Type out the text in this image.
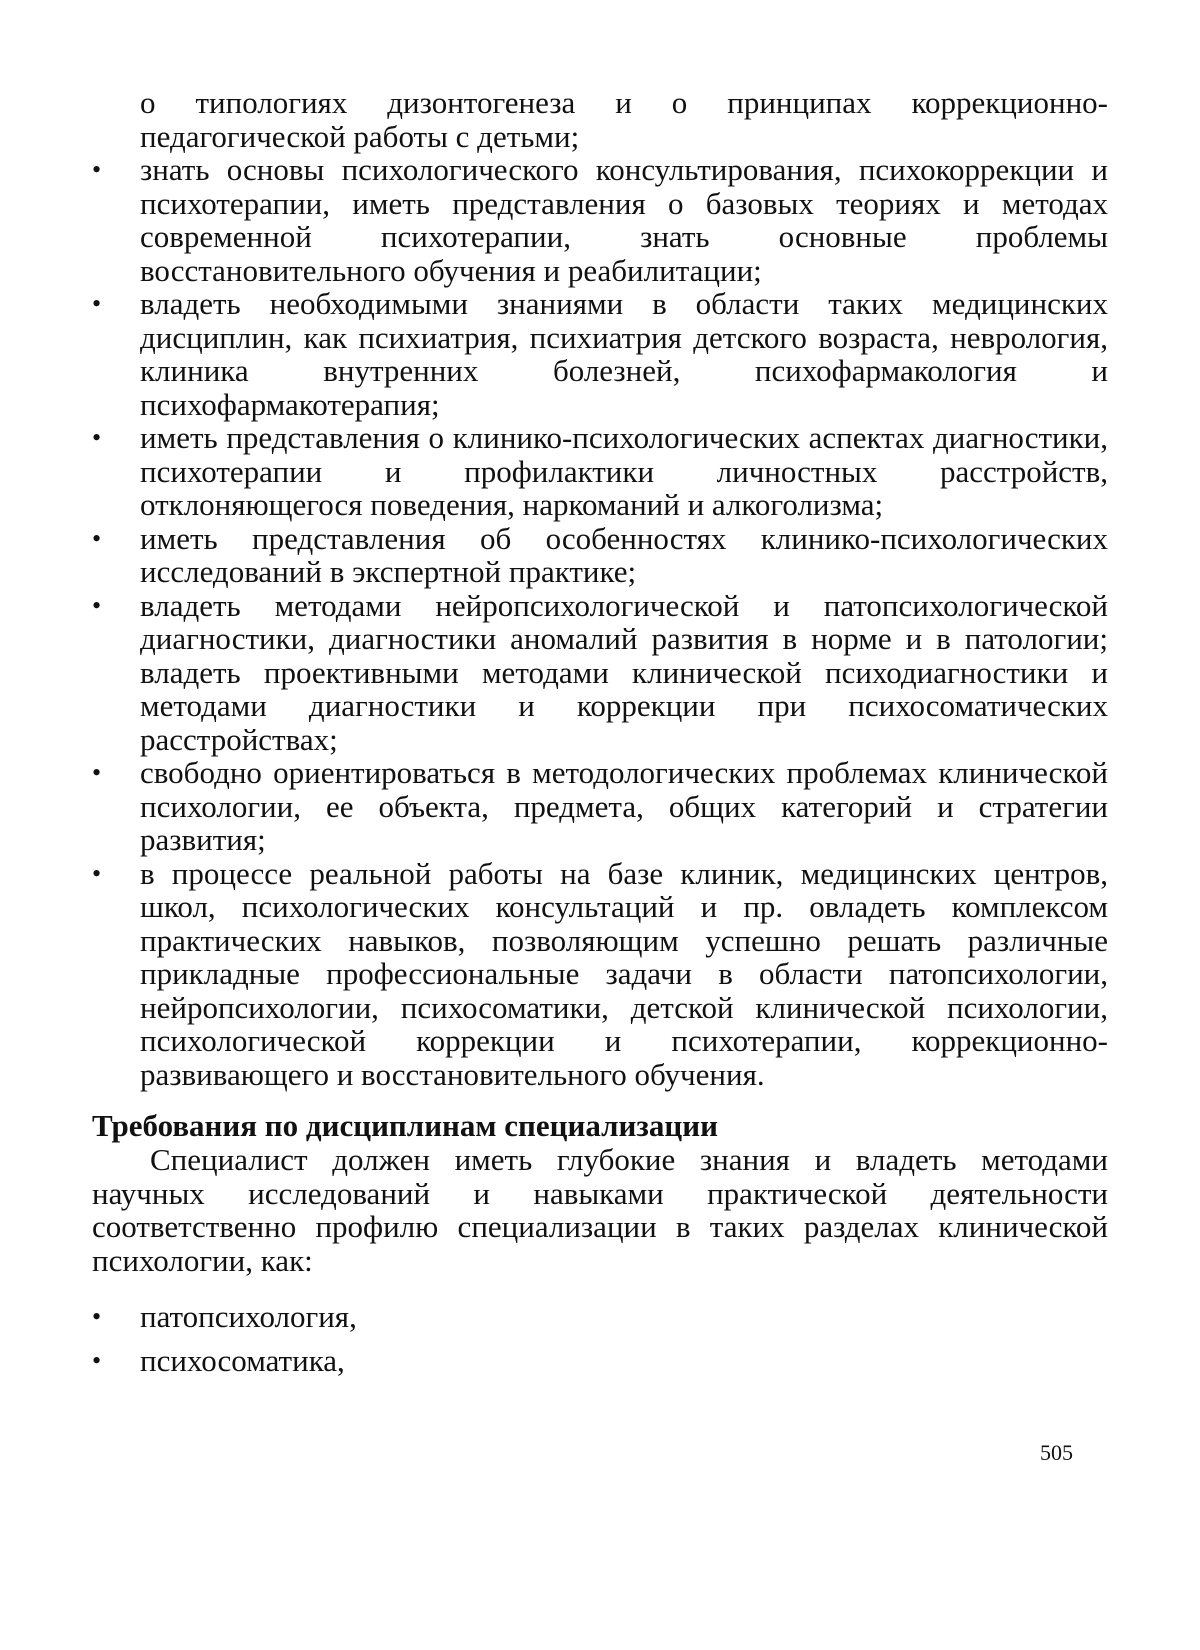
о типологиях дизонтогенеза и о принципах коррекционно-педагогической работы с детьми;
•	знать основы психологического консультирования, психокоррекции и психотерапии, иметь представления о базовых теориях и методах современной психотерапии, знать основные проблемы восстановительного обучения и реабилитации;
•	владеть необходимыми знаниями в области таких медицинских дисциплин, как психиатрия, психиатрия детского возраста, неврология, клиника внутренних болезней, психофармакология и психофармакотерапия;
•	иметь представления о клинико-психологических аспектах диагностики, психотерапии и профилактики личностных расстройств, отклоняющегося поведения, наркоманий и алкоголизма;
•	иметь представления об особенностях клинико-психологических исследований в экспертной практике;
•	владеть методами нейропсихологической и патопсихологической диагностики, диагностики аномалий развития в норме и в патологии; владеть проективными методами клинической психодиагностики и методами диагностики и коррекции при психосоматических расстройствах;
•	свободно ориентироваться в методологических проблемах клинической психологии, ее объекта, предмета, общих категорий и стратегии развития;
•	в процессе реальной работы на базе клиник, медицинских центров, школ, психологических консультаций и пр. овладеть комплексом практических навыков, позволяющим успешно решать различные прикладные профессиональные задачи в области патопсихологии, нейропсихологии, психосоматики, детской клинической психологии, психологической коррекции и психотерапии, коррекционно-развивающего и восстановительного обучения.
Требования по дисциплинам специализации

Специалист должен иметь глубокие знания и владеть методами научных исследований и навыками практической деятельности соответственно профилю специализации в таких разделах клинической психологии, как:

• патопсихология,
• психосоматика,
505
